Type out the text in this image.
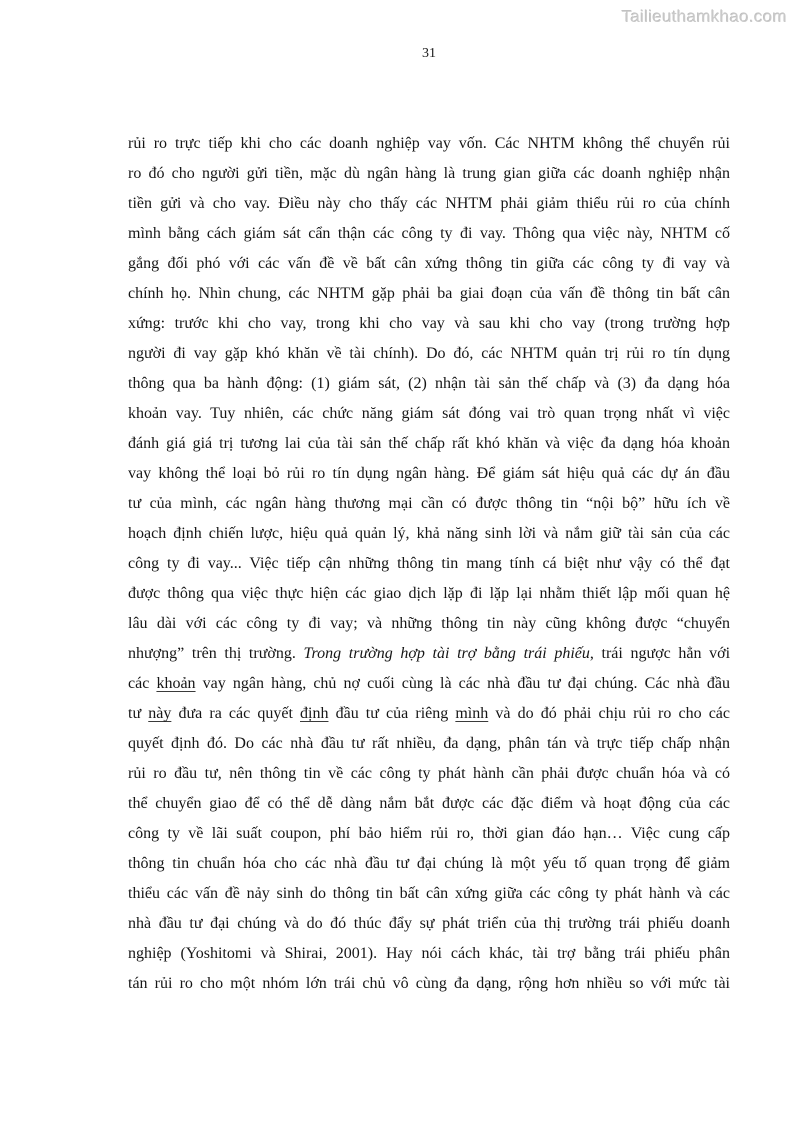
Tailieuthamkhao.com
31
rủi ro trực tiếp khi cho các doanh nghiệp vay vốn. Các NHTM không thể chuyển rủi
ro đó cho người gửi tiền, mặc dù ngân hàng là trung gian giữa các doanh nghiệp nhận
tiền gửi và cho vay. Điều này cho thấy các NHTM phải giảm thiểu rủi ro của chính
mình bằng cách giám sát cẩn thận các công ty đi vay. Thông qua việc này, NHTM cố
gắng đối phó với các vấn đề về bất cân xứng thông tin giữa các công ty đi vay và
chính họ. Nhìn chung, các NHTM gặp phải ba giai đoạn của vấn đề thông tin bất cân
xứng: trước khi cho vay, trong khi cho vay và sau khi cho vay (trong trường hợp
người đi vay gặp khó khăn về tài chính). Do đó, các NHTM quản trị rủi ro tín dụng
thông qua ba hành động: (1) giám sát, (2) nhận tài sản thế chấp và (3) đa dạng hóa
khoản vay. Tuy nhiên, các chức năng giám sát đóng vai trò quan trọng nhất vì việc
đánh giá giá trị tương lai của tài sản thế chấp rất khó khăn và việc đa dạng hóa khoản
vay không thể loại bỏ rủi ro tín dụng ngân hàng. Để giám sát hiệu quả các dự án đầu
tư của mình, các ngân hàng thương mại cần có được thông tin “nội bộ” hữu ích về
hoạch định chiến lược, hiệu quả quản lý, khả năng sinh lời và nắm giữ tài sản của các
công ty đi vay... Việc tiếp cận những thông tin mang tính cá biệt như vậy có thể đạt
được thông qua việc thực hiện các giao dịch lặp đi lặp lại nhằm thiết lập mối quan hệ
lâu dài với các công ty đi vay; và những thông tin này cũng không được “chuyển
nhượng” trên thị trường. Trong trường hợp tài trợ bằng trái phiếu, trái ngược hẳn với
các khoản vay ngân hàng, chủ nợ cuối cùng là các nhà đầu tư đại chúng. Các nhà đầu
tư này đưa ra các quyết định đầu tư của riêng mình và do đó phải chịu rủi ro cho các
quyết định đó. Do các nhà đầu tư rất nhiều, đa dạng, phân tán và trực tiếp chấp nhận
rủi ro đầu tư, nên thông tin về các công ty phát hành cần phải được chuẩn hóa và có
thể chuyển giao để có thể dễ dàng nắm bắt được các đặc điểm và hoạt động của các
công ty về lãi suất coupon, phí bảo hiểm rủi ro, thời gian đáo hạn… Việc cung cấp
thông tin chuẩn hóa cho các nhà đầu tư đại chúng là một yếu tố quan trọng để giảm
thiểu các vấn đề nảy sinh do thông tin bất cân xứng giữa các công ty phát hành và các
nhà đầu tư đại chúng và do đó thúc đẩy sự phát triển của thị trường trái phiếu doanh
nghiệp (Yoshitomi và Shirai, 2001). Hay nói cách khác, tài trợ bằng trái phiếu phân
tán rủi ro cho một nhóm lớn trái chủ vô cùng đa dạng, rộng hơn nhiều so với mức tài
